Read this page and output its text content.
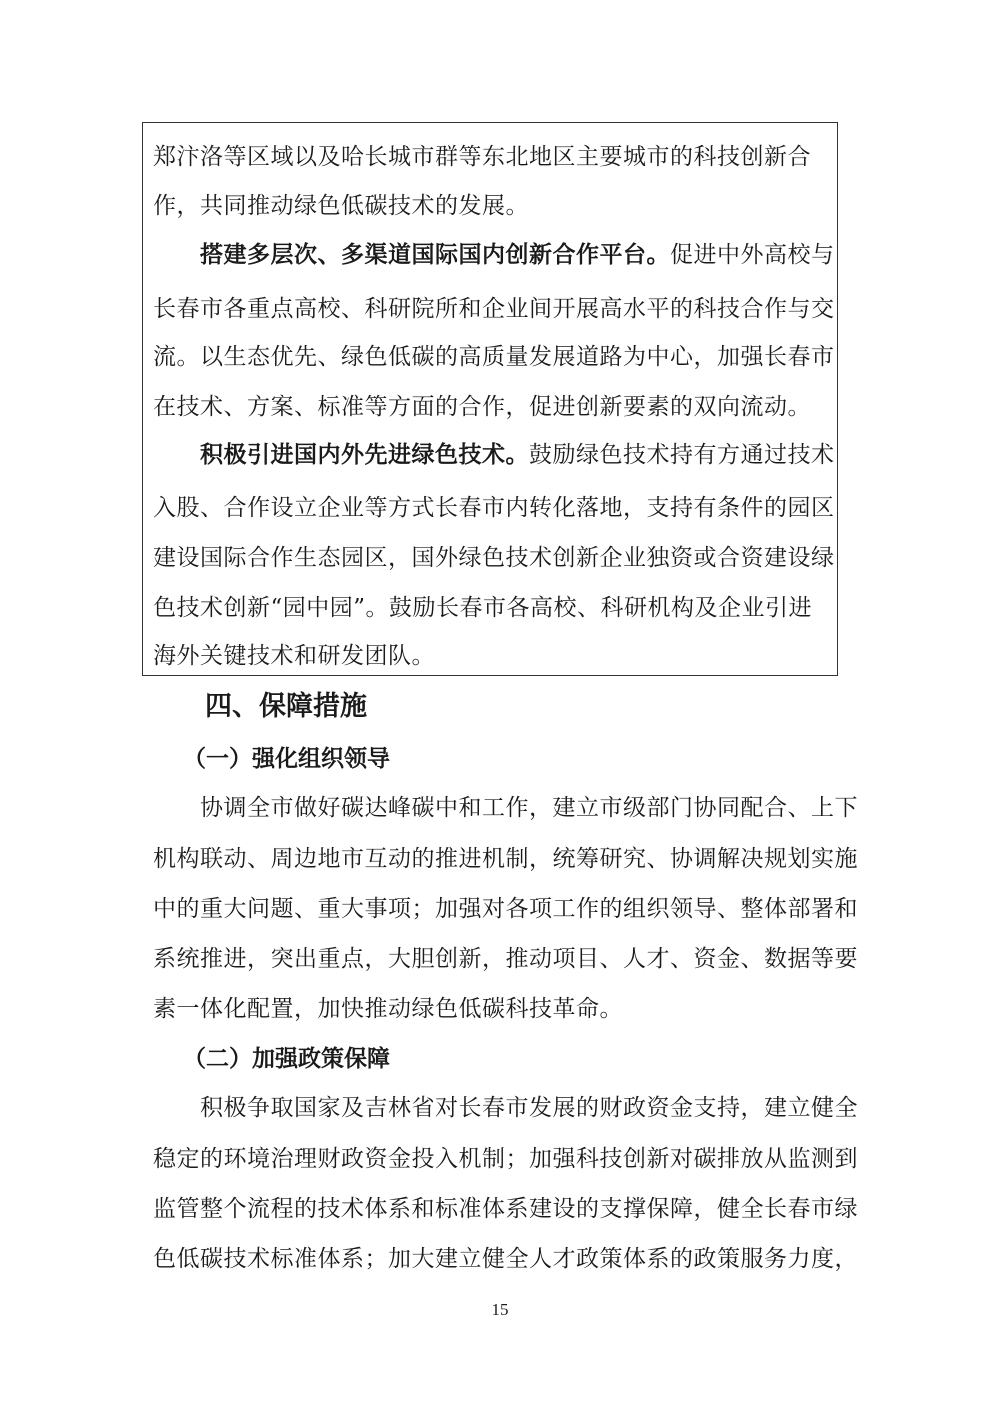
郑汴洛等区域以及哈长城市群等东北地区主要城市的科技创新合
作，共同推动绿色低碳技术的发展。
搭建多层次、多渠道国际国内创新合作平台。促进中外高校与
长春市各重点高校、科研院所和企业间开展高水平的科技合作与交
流。以生态优先、绿色低碳的高质量发展道路为中心，加强长春市
在技术、方案、标准等方面的合作，促进创新要素的双向流动。
积极引进国内外先进绿色技术。鼓励绿色技术持有方通过技术
入股、合作设立企业等方式长春市内转化落地，支持有条件的园区
建设国际合作生态园区，国外绿色技术创新企业独资或合资建设绿
色技术创新“园中园”。鼓励长春市各高校、科研机构及企业引进
海外关键技术和研发团队。
四、保障措施
（一）强化组织领导
协调全市做好碳达峰碳中和工作，建立市级部门协同配合、上下
机构联动、周边地市互动的推进机制，统筹研究、协调解决规划实施
中的重大问题、重大事项；加强对各项工作的组织领导、整体部署和
系统推进，突出重点，大胆创新，推动项目、人才、资金、数据等要
素一体化配置，加快推动绿色低碳科技革命。
（二）加强政策保障
积极争取国家及吉林省对长春市发展的财政资金支持，建立健全
稳定的环境治理财政资金投入机制；加强科技创新对碳排放从监测到
监管整个流程的技术体系和标准体系建设的支撑保障，健全长春市绿
色低碳技术标准体系；加大建立健全人才政策体系的政策服务力度，
15
